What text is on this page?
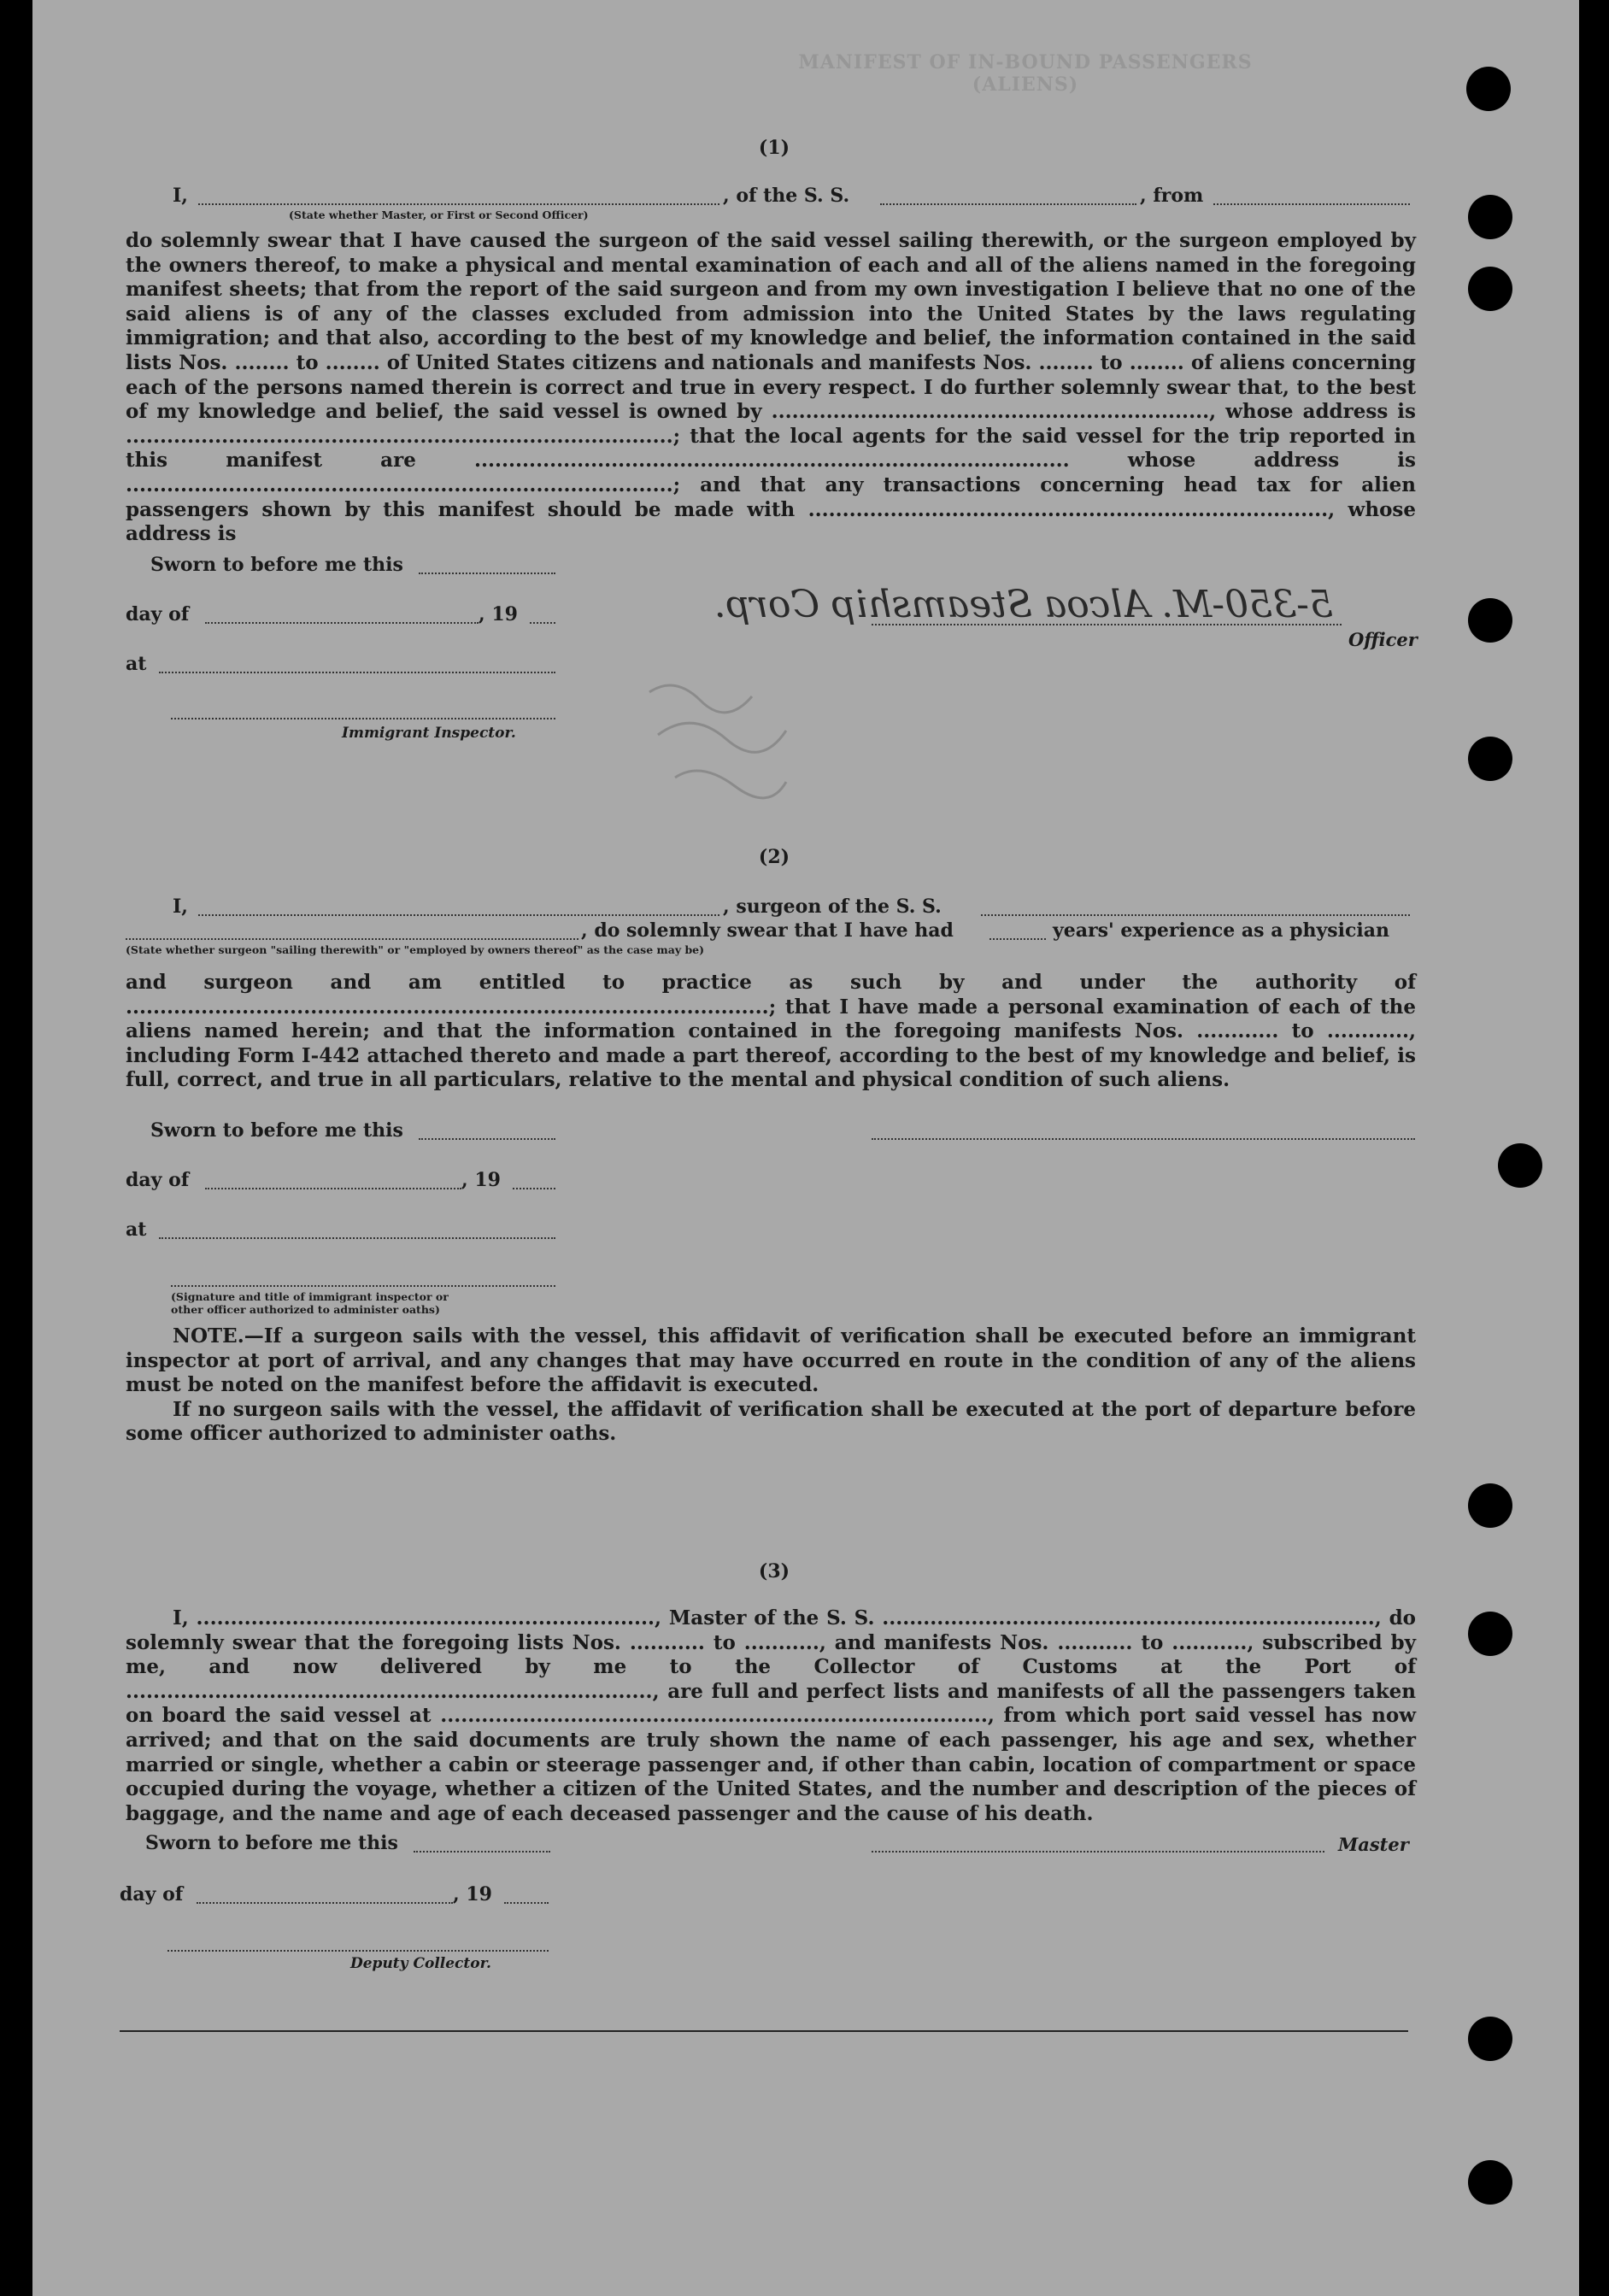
MANIFEST OF IN-BOUND PASSENGERS (ALIENS)
(1)
I,	, of the S. S.	, from
(State whether Master, or First or Second Officer)

do solemnly swear that I have caused the surgeon of the said vessel sailing therewith, or the surgeon employed by the owners thereof, to make a physical and mental examination of each and all of the aliens named in the foregoing manifest sheets; that from the report of the said surgeon and from my own investigation I believe that no one of the said aliens is of any of the classes excluded from admission into the United States by the laws regulating immigration; and that also, according to the best of my knowledge and belief, the information contained in the said lists Nos. ........ to ........ of United States citizens and nationals and manifests Nos. ........ to ........ of aliens concerning each of the persons named therein is correct and true in every respect. I do further solemnly swear that, to the best of my knowledge and belief, the said vessel is owned by ................................................................, whose address is ................................................................................; that the local agents for the said vessel for the trip reported in this manifest are ....................................................................................... whose address is ................................................................................; and that any transactions concerning head tax for alien passengers shown by this manifest should be made with ............................................................................, whose address is

Sworn to before me this
day of	, 19	5-350-M. Alcoa Steamship Corp.
Officer
at
Immigrant Inspector.
(2)
I,	, surgeon of the S. S.
, do solemnly swear that I have had	years' experience as a physician
(State whether surgeon "sailing therewith" or "employed by owners thereof" as the case may be)

and surgeon and am entitled to practice as such by and under the authority of ..............................................................................................; that I have made a personal examination of each of the aliens named herein; and that the information contained in the foregoing manifests Nos. ............ to ............, including Form I-442 attached thereto and made a part thereof, according to the best of my knowledge and belief, is full, correct, and true in all particulars, relative to the mental and physical condition of such aliens.

Sworn to before me this
day of	, 19
at
(Signature and title of immigrant inspector or other officer authorized to administer oaths)

NOTE.—If a surgeon sails with the vessel, this affidavit of verification shall be executed before an immigrant inspector at port of arrival, and any changes that may have occurred en route in the condition of any of the aliens must be noted on the manifest before the affidavit is executed.

If no surgeon sails with the vessel, the affidavit of verification shall be executed at the port of departure before some officer authorized to administer oaths.

(3)

I, ..................................................................., Master of the S. S. ........................................................................, do solemnly swear that the foregoing lists Nos. ........... to ..........., and manifests Nos. ........... to ..........., subscribed by me, and now delivered by me to the Collector of Customs at the Port of ............................................................................., are full and perfect lists and manifests of all the passengers taken on board the said vessel at ................................................................................, from which port said vessel has now arrived; and that on the said documents are truly shown the name of each passenger, his age and sex, whether married or single, whether a cabin or steerage passenger and, if other than cabin, location of compartment or space occupied during the voyage, whether a citizen of the United States, and the number and description of the pieces of baggage, and the name and age of each deceased passenger and the cause of his death.

Sworn to before me this	Master
day of	, 19
Deputy Collector.
